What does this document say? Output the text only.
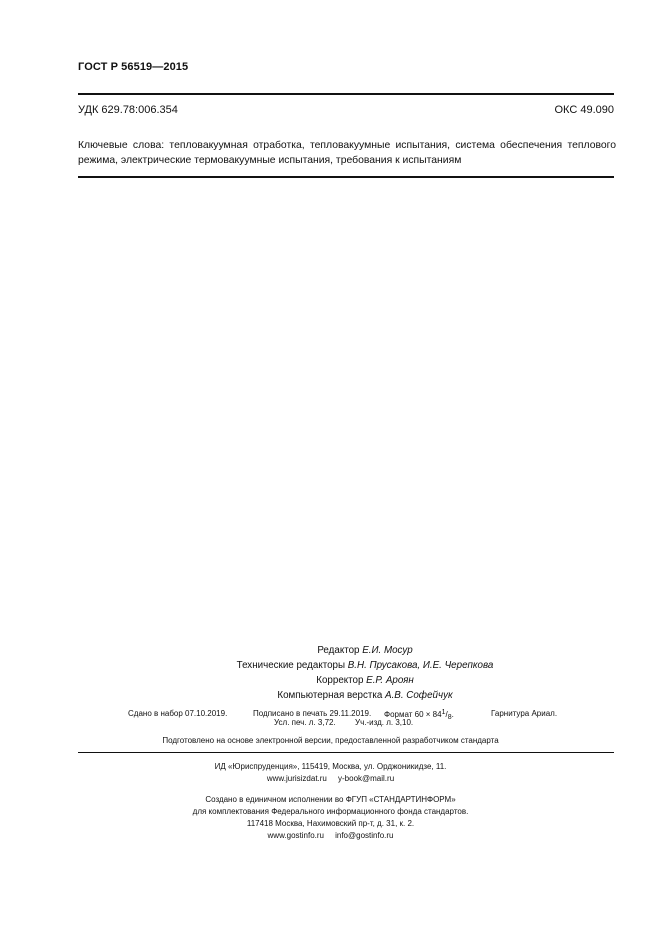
ГОСТ Р 56519—2015
УДК 629.78:006.354	ОКС 49.090
Ключевые слова: тепловакуумная отработка, тепловакуумные испытания, система обеспечения теплового режима, электрические термовакуумные испытания, требования к испытаниям
Редактор Е.И. Мосур
Технические редакторы В.Н. Прусакова, И.Е. Черепкова
Корректор Е.Р. Ароян
Компьютерная верстка А.В. Софейчук
Сдано в набор 07.10.2019.	Подписано в печать 29.11.2019. Формат $60 \times 84^1/_8$.	Гарнитура Ариал.
Усл. печ. л. 3,72. Уч.-изд. л. 3,10.
Подготовлено на основе электронной версии, предоставленной разработчиком стандарта
ИД «Юриспруденция», 115419, Москва, ул. Орджоникидзе, 11.
www.jurisizdat.ru y-book@mail.ru
Создано в единичном исполнении во ФГУП «СТАНДАРТИНФОРМ»
для комплектования Федерального информационного фонда стандартов.
117418 Москва, Нахимовский пр-т, д. 31, к. 2.
www.gostinfo.ru info@gostinfo.ru
